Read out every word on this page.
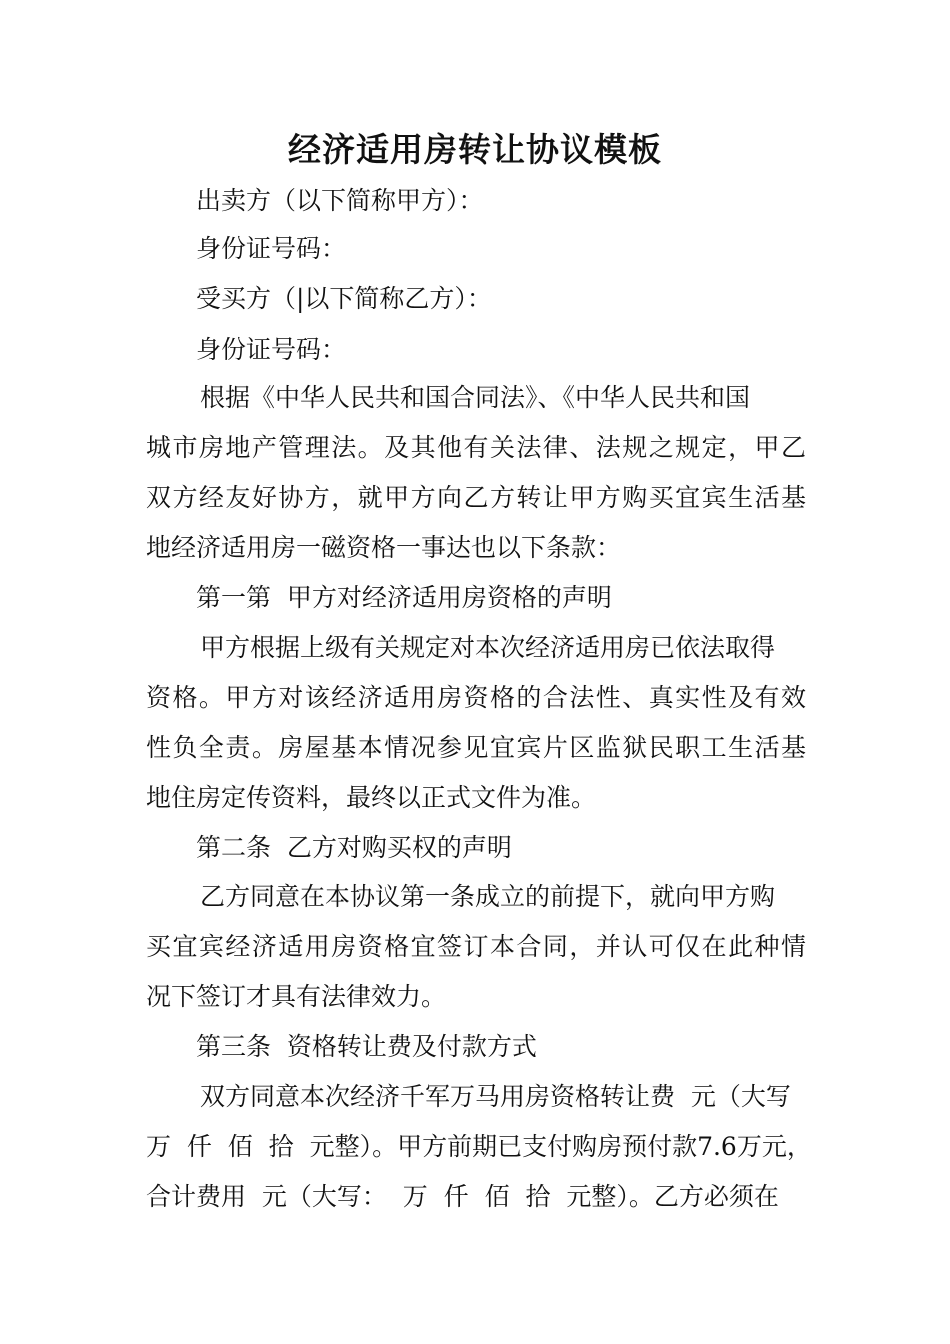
经济适用房转让协议模板

出卖方（以下简称甲方）：

身份证号码：

受买方（|以下简称乙方）：

身份证号码：

根据《中华人民共和国合同法》、《中华人民共和国

城市房地产管理法。及其他有关法律、法规之规定，甲乙

双方经友好协方，就甲方向乙方转让甲方购买宜宾生活基

地经济适用房一磁资格一事达也以下条款：

第一第  甲方对经济适用房资格的声明

甲方根据上级有关规定对本次经济适用房已依法取得

资格。甲方对该经济适用房资格的合法性、真实性及有效

性负全责。房屋基本情况参见宜宾片区监狱民职工生活基

地住房定传资料，最终以正式文件为准。

第二条  乙方对购买权的声明

乙方同意在本协议第一条成立的前提下，就向甲方购

买宜宾经济适用房资格宜签订本合同，并认可仅在此种情

况下签订才具有法律效力。

第三条  资格转让费及付款方式

双方同意本次经济千军万马用房资格转让费  元（大写

万  仟  佰  拾  元整）。甲方前期已支付购房预付款7.6万元，

合计费用  元（大写：  万  仟  佰  拾  元整）。乙方必须在
